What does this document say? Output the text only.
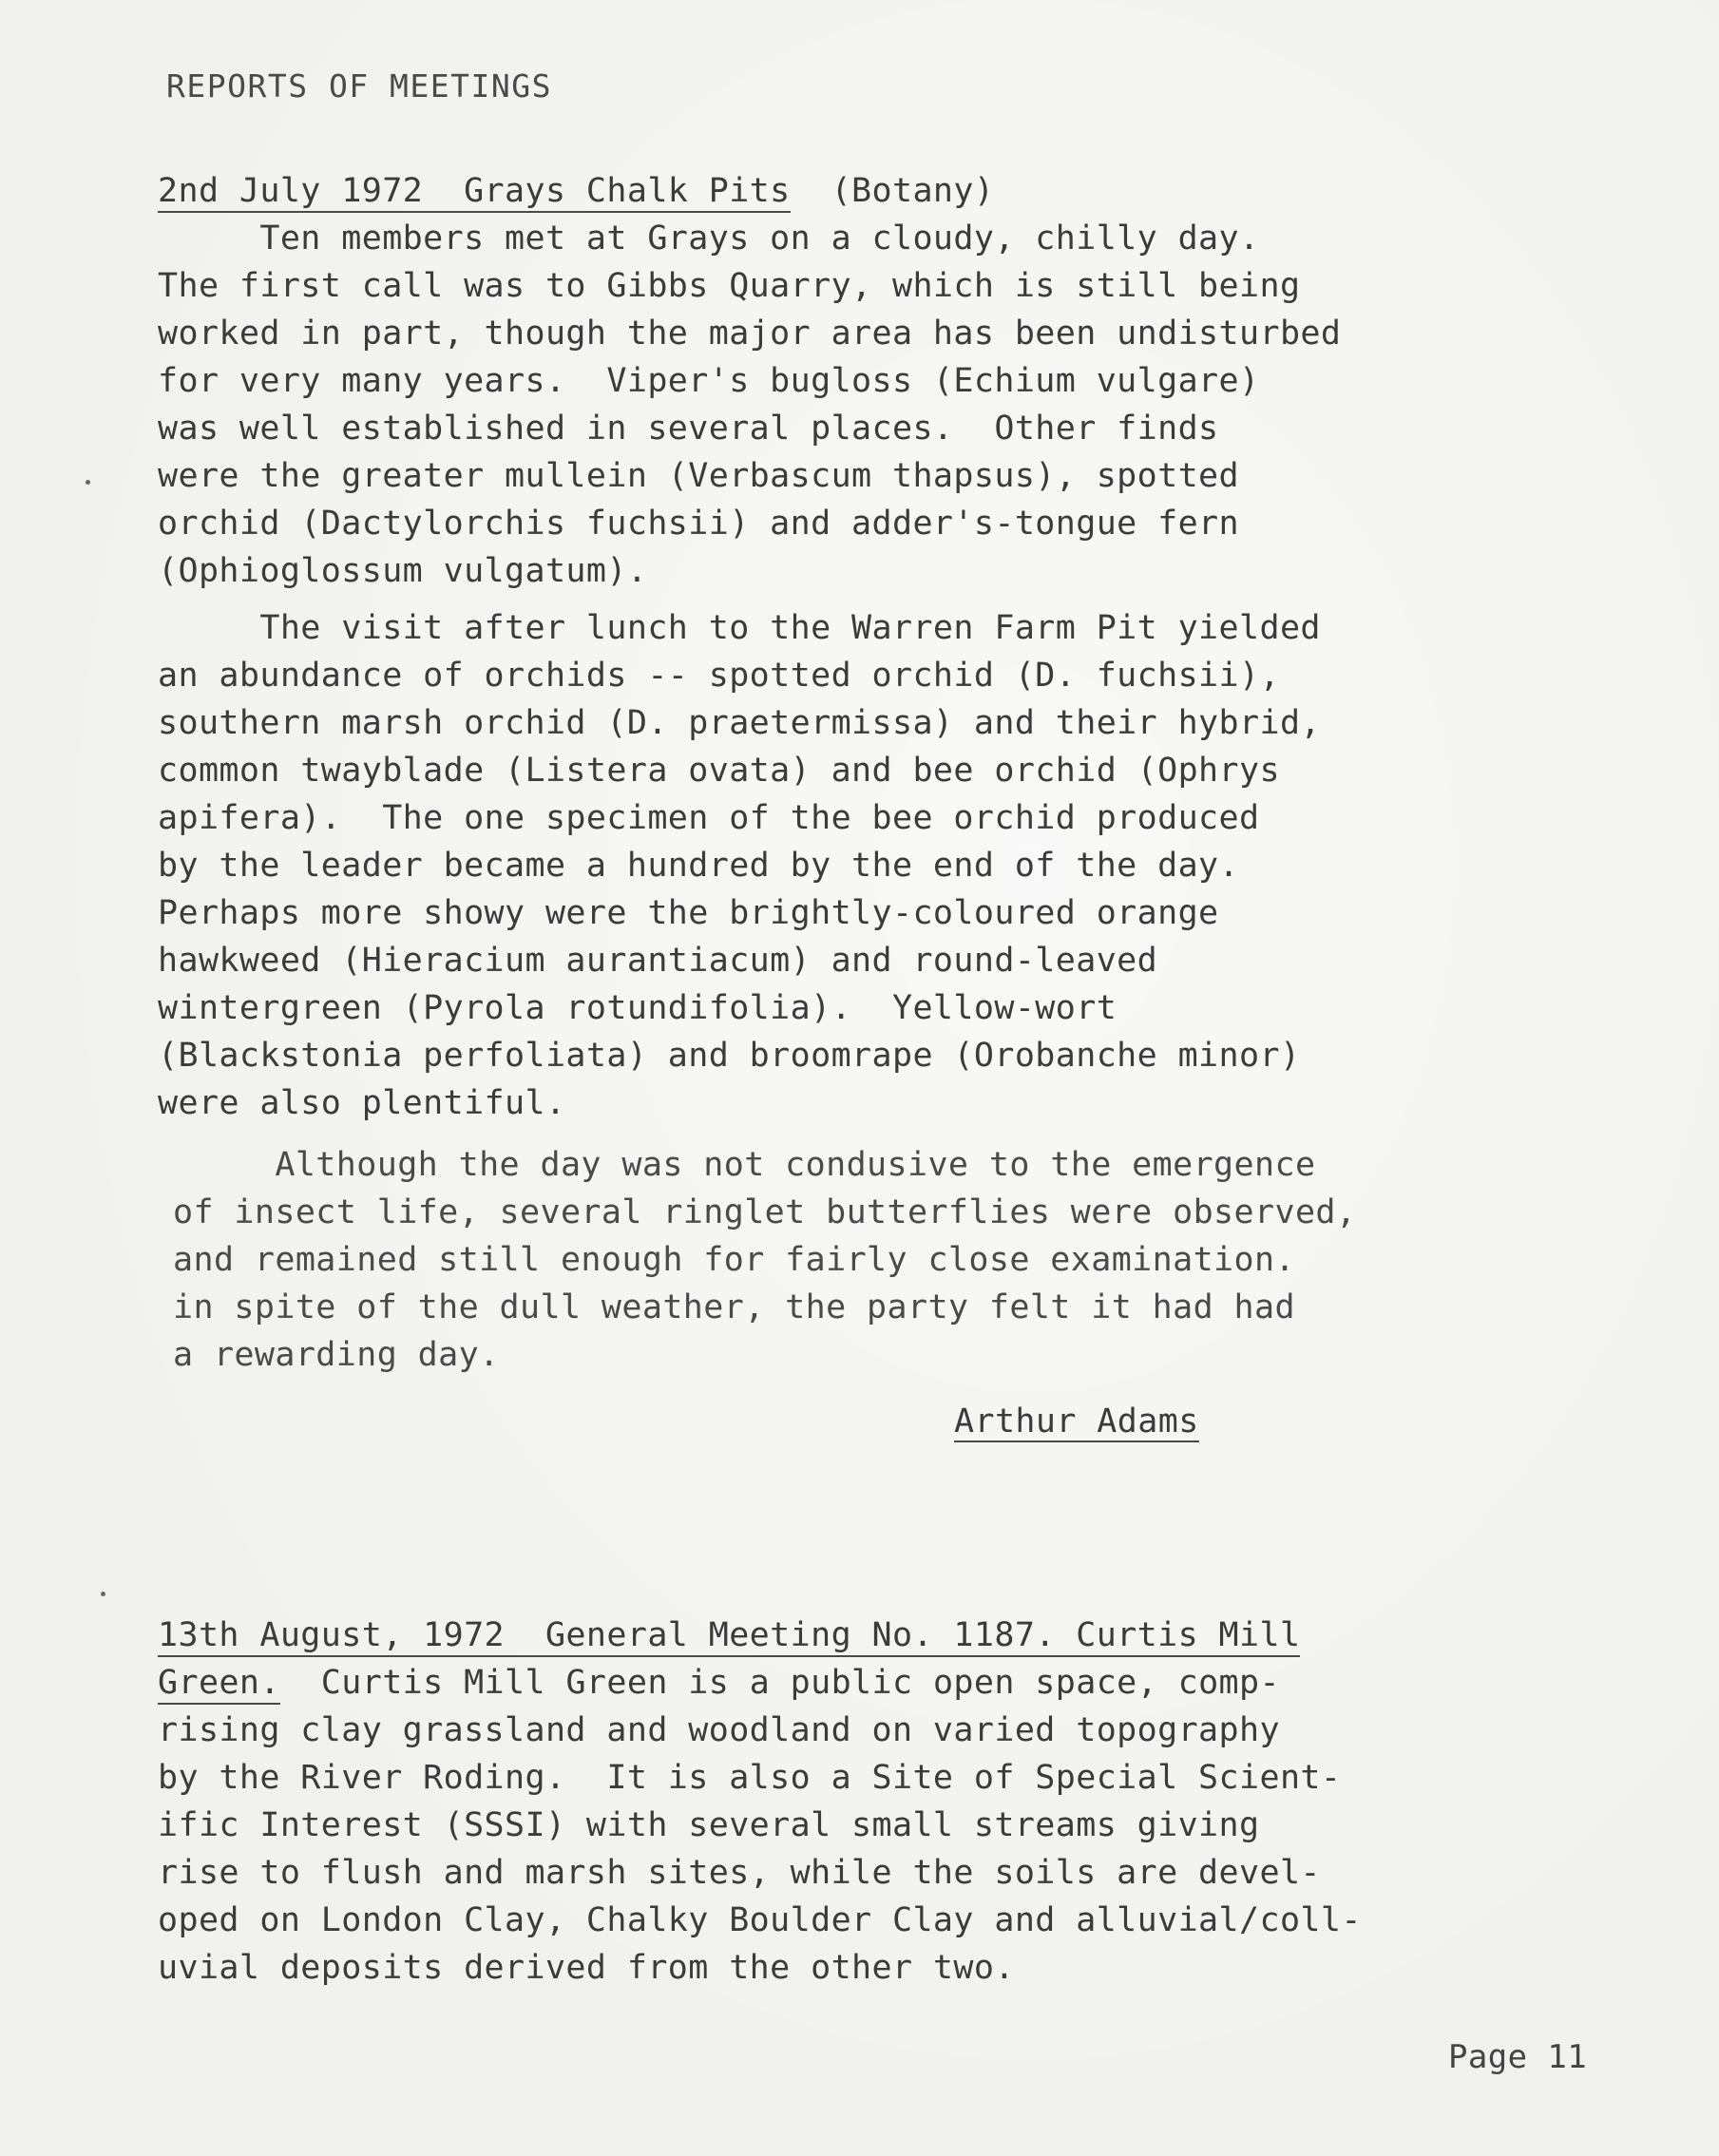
REPORTS OF MEETINGS
2nd July 1972  Grays Chalk Pits  (Botany)
Ten members met at Grays on a cloudy, chilly day.
The first call was to Gibbs Quarry, which is still being
worked in part, though the major area has been undisturbed
for very many years.  Viper's bugloss (Echium vulgare)
was well established in several places.  Other finds
were the greater mullein (Verbascum thapsus), spotted
orchid (Dactylorchis fuchsii) and adder's-tongue fern
(Ophioglossum vulgatum).
The visit after lunch to the Warren Farm Pit yielded
an abundance of orchids -- spotted orchid (D. fuchsii),
southern marsh orchid (D. praetermissa) and their hybrid,
common twayblade (Listera ovata) and bee orchid (Ophrys
apifera).  The one specimen of the bee orchid produced
by the leader became a hundred by the end of the day.
Perhaps more showy were the brightly-coloured orange
hawkweed (Hieracium aurantiacum) and round-leaved
wintergreen (Pyrola rotundifolia).  Yellow-wort
(Blackstonia perfoliata) and broomrape (Orobanche minor)
were also plentiful.
Although the day was not condusive to the emergence
of insect life, several ringlet butterflies were observed,
and remained still enough for fairly close examination.
in spite of the dull weather, the party felt it had had
a rewarding day.
Arthur Adams
13th August, 1972  General Meeting No. 1187. Curtis Mill
Green.  Curtis Mill Green is a public open space, comp-
rising clay grassland and woodland on varied topography
by the River Roding.  It is also a Site of Special Scient-
ific Interest (SSSI) with several small streams giving
rise to flush and marsh sites, while the soils are devel-
oped on London Clay, Chalky Boulder Clay and alluvial/coll-
uvial deposits derived from the other two.
Page 11
